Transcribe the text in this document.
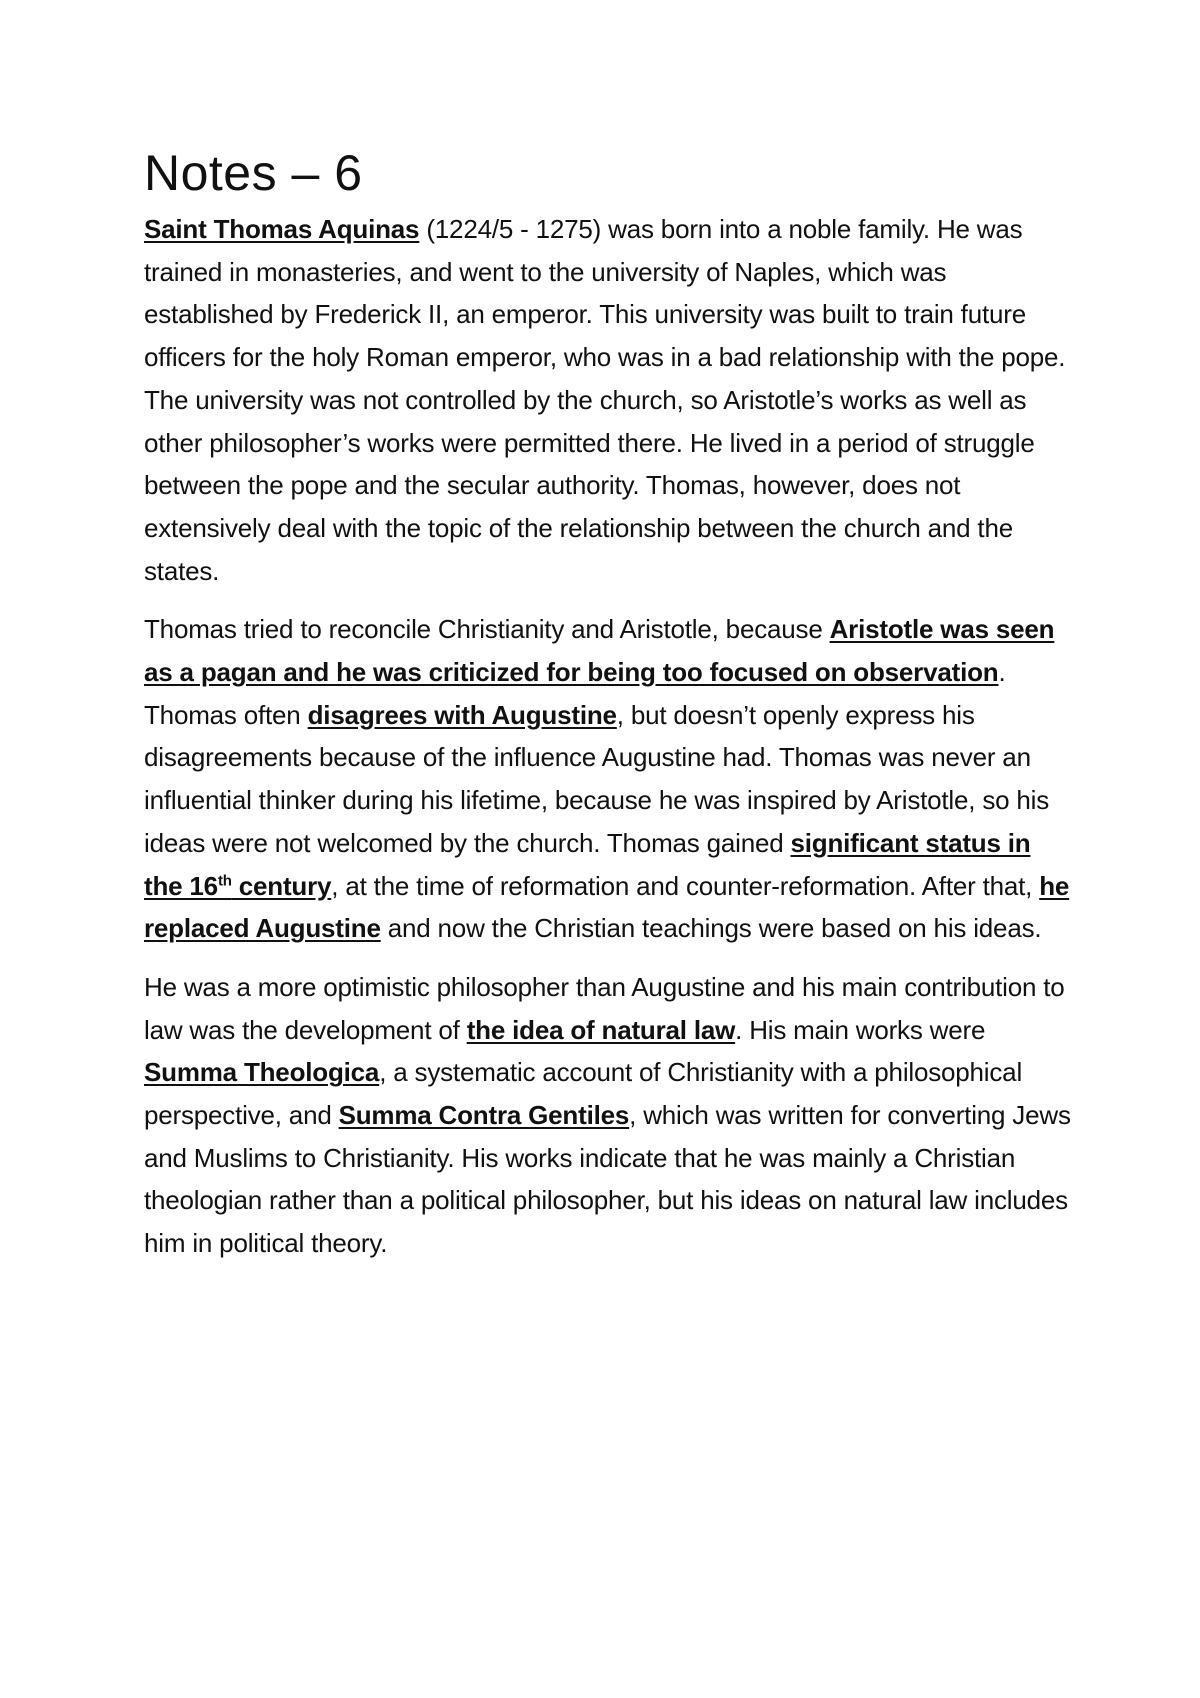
Notes – 6

Saint Thomas Aquinas (1224/5 - 1275) was born into a noble family. He was trained in monasteries, and went to the university of Naples, which was established by Frederick II, an emperor. This university was built to train future officers for the holy Roman emperor, who was in a bad relationship with the pope. The university was not controlled by the church, so Aristotle’s works as well as other philosopher’s works were permitted there. He lived in a period of struggle between the pope and the secular authority. Thomas, however, does not extensively deal with the topic of the relationship between the church and the states.

Thomas tried to reconcile Christianity and Aristotle, because Aristotle was seen as a pagan and he was criticized for being too focused on observation. Thomas often disagrees with Augustine, but doesn’t openly express his disagreements because of the influence Augustine had. Thomas was never an influential thinker during his lifetime, because he was inspired by Aristotle, so his ideas were not welcomed by the church. Thomas gained significant status in the 16th century, at the time of reformation and counter-reformation. After that, he replaced Augustine and now the Christian teachings were based on his ideas.

He was a more optimistic philosopher than Augustine and his main contribution to law was the development of the idea of natural law. His main works were Summa Theologica, a systematic account of Christianity with a philosophical perspective, and Summa Contra Gentiles, which was written for converting Jews and Muslims to Christianity. His works indicate that he was mainly a Christian theologian rather than a political philosopher, but his ideas on natural law includes him in political theory.
